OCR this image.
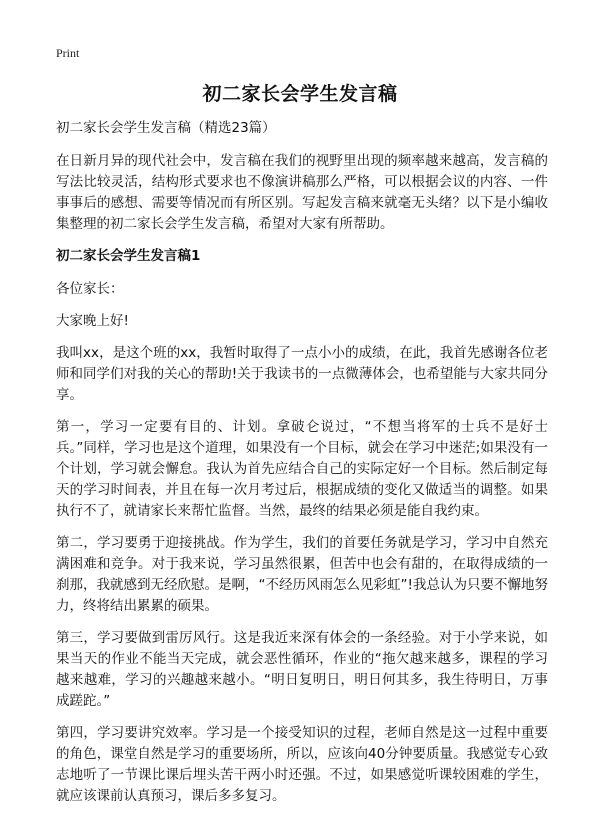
Print
初二家长会学生发言稿

初二家长会学生发言稿（精选23篇）

在日新月异的现代社会中，发言稿在我们的视野里出现的频率越来越高，发言稿的写法比较灵活，结构形式要求也不像演讲稿那么严格，可以根据会议的内容、一件事事后的感想、需要等情况而有所区别。写起发言稿来就毫无头绪？以下是小编收集整理的初二家长会学生发言稿，希望对大家有所帮助。

初二家长会学生发言稿1

各位家长：

大家晚上好!

我叫xx，是这个班的xx，我暂时取得了一点小小的成绩，在此，我首先感谢各位老师和同学们对我的关心的帮助!关于我读书的一点微薄体会，也希望能与大家共同分享。

第一，学习一定要有目的、计划。拿破仑说过，“不想当将军的士兵不是好士兵。”同样，学习也是这个道理，如果没有一个目标，就会在学习中迷茫;如果没有一个计划，学习就会懈怠。我认为首先应结合自己的实际定好一个目标。然后制定每天的学习时间表，并且在每一次月考过后，根据成绩的变化又做适当的调整。如果执行不了，就请家长来帮忙监督。当然，最终的结果必须是能自我约束。

第二，学习要勇于迎接挑战。作为学生，我们的首要任务就是学习，学习中自然充满困难和竞争。对于我来说，学习虽然很累，但苦中也会有甜的，在取得成绩的一刹那，我就感到无经欣慰。是啊，“不经历风雨怎么见彩虹”!我总认为只要不懈地努力，终将结出累累的硕果。

第三，学习要做到雷厉风行。这是我近来深有体会的一条经验。对于小学来说，如果当天的作业不能当天完成，就会恶性循环，作业的“拖欠越来越多，课程的学习越来越难，学习的兴趣越来越小。“明日复明日，明日何其多，我生待明日，万事成蹉跎。”

第四，学习要讲究效率。学习是一个接受知识的过程，老师自然是这一过程中重要的角色，课堂自然是学习的重要场所，所以，应该向40分钟要质量。我感觉专心致志地听了一节课比课后埋头苦干两小时还强。不过，如果感觉听课较困难的学生，就应该课前认真预习，课后多多复习。
